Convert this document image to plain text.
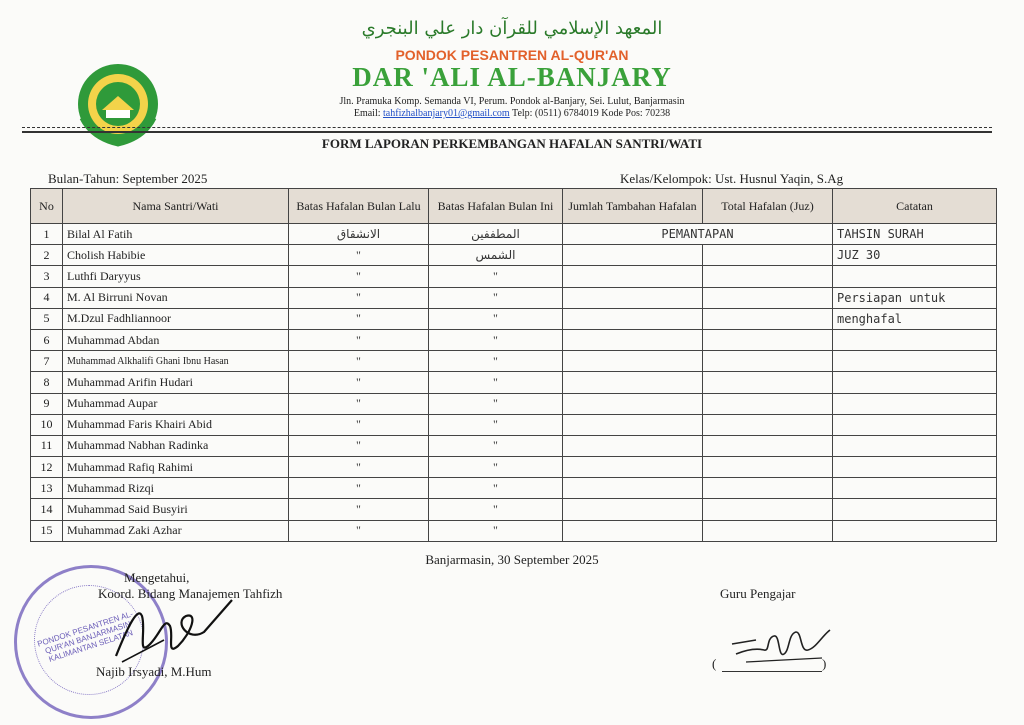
المعهد الإسلامي للقرآن دار علي البنجري
PONDOK PESANTREN AL-QUR'AN
DAR 'ALI AL-BANJARY
Jln. Pramuka Komp. Semanda VI, Perum. Pondok al-Banjary, Sei. Lulut, Banjarmasin
Email: tahfizhalbanjary01@gmail.com Telp: (0511) 6784019 Kode Pos: 70238
FORM LAPORAN PERKEMBANGAN HAFALAN SANTRI/WATI
Bulan-Tahun: September 2025	Kelas/Kelompok: Ust. Husnul Yaqin, S.Ag
No	Nama Santri/Wati	Batas Hafalan Bulan Lalu	Batas Hafalan Bulan Ini	Jumlah Tambahan Hafalan	Total Hafalan (Juz)	Catatan
1	Bilal Al Fatih	الانشقاق	المطففين	PEMANTAPAN		TAHSIN SURAH
2	Cholish Habibie	"	الشمس			JUZ 30
3	Luthfi Daryyus	"	"			
4	M. Al Birruni Novan	"	"			Persiapan untuk
5	M.Dzul Fadhliannoor	"	"			menghafal
6	Muhammad Abdan	"	"			
7	Muhammad Alkhalifi Ghani Ibnu Hasan	"	"			
8	Muhammad Arifin Hudari	"	"			
9	Muhammad Aupar	"	"			
10	Muhammad Faris Khairi Abid	"	"			
11	Muhammad Nabhan Radinka	"	"			
12	Muhammad Rafiq Rahimi	"	"			
13	Muhammad Rizqi	"	"			
14	Muhammad Said Busyiri	"	"			
15	Muhammad Zaki Azhar	"	"			
Banjarmasin, 30 September 2025
PONDOK PESANTREN AL-QUR'AN BANJARMASIN KALIMANTAN SELATAN
Mengetahui,
Koord. Bidang Manajemen Tahfizh
Najib Irsyadi, M.Hum
Guru Pengajar
(	)
